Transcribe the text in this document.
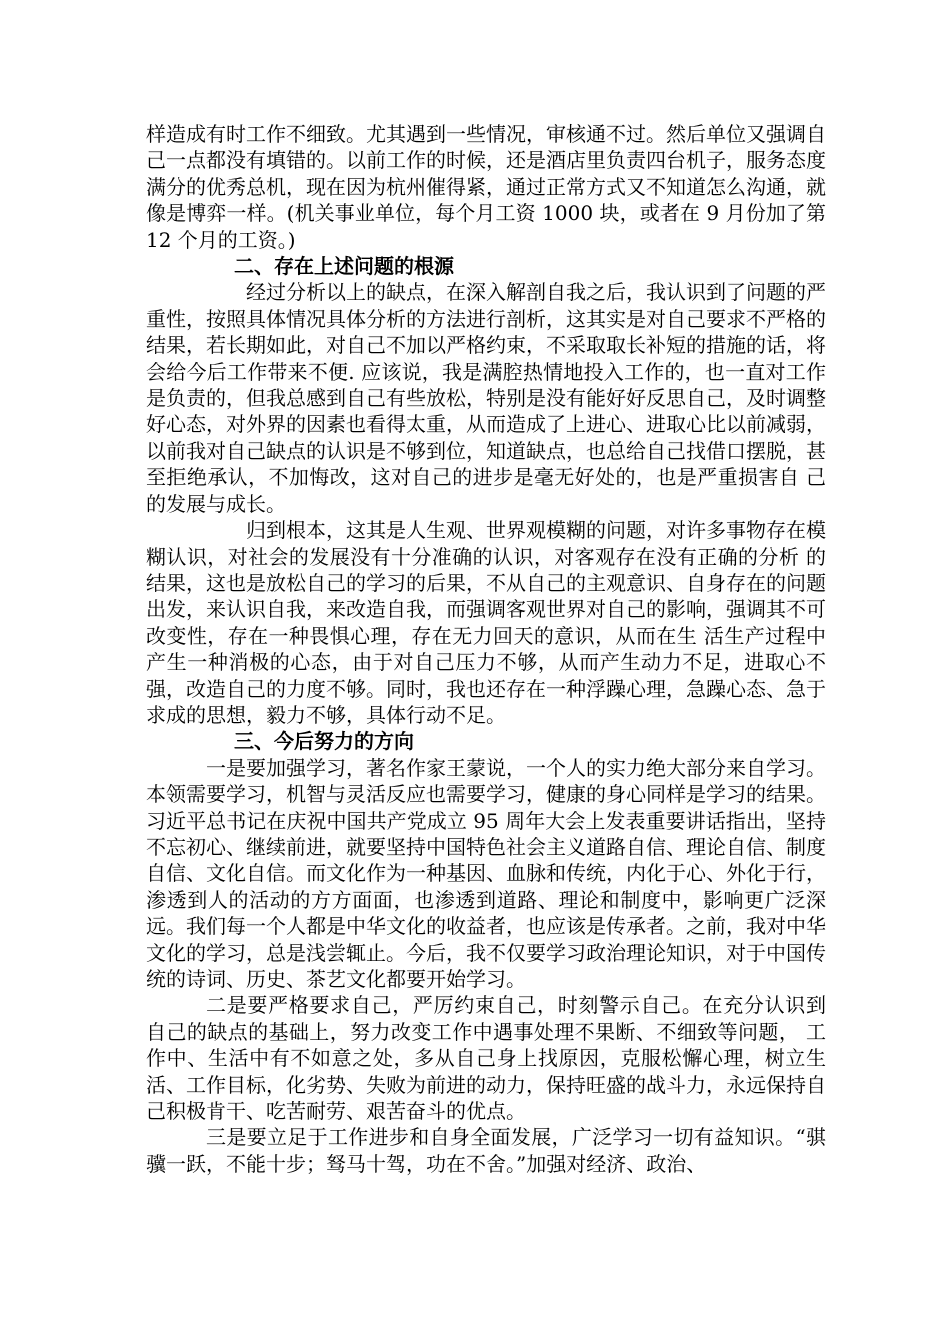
样造成有时工作不细致。尤其遇到一些情况，审核通不过。然后单位又强调自己一点都没有填错的。以前工作的时候，还是酒店里负责四台机子，服务态度满分的优秀总机，现在因为杭州催得紧，通过正常方式又不知道怎么沟通，就像是博弈一样。(机关事业单位，每个月工资 1000 块，或者在 9 月份加了第 12 个月的工资。)

二、存在上述问题的根源

经过分析以上的缺点，在深入解剖自我之后，我认识到了问题的严重性，按照具体情况具体分析的方法进行剖析，这其实是对自己要求不严格的结果，若长期如此，对自己不加以严格约束，不采取取长补短的措施的话，将会给今后工作带来不便. 应该说，我是满腔热情地投入工作的，也一直对工作是负责的，但我总感到自己有些放松，特别是没有能好好反思自己，及时调整好心态，对外界的因素也看得太重，从而造成了上进心、进取心比以前减弱，以前我对自己缺点的认识是不够到位，知道缺点，也总给自己找借口摆脱，甚 至拒绝承认，不加悔改，这对自己的进步是毫无好处的，也是严重损害自 己的发展与成长。

归到根本，这其是人生观、世界观模糊的问题，对许多事物存在模 糊认识，对社会的发展没有十分准确的认识，对客观存在没有正确的分析 的结果，这也是放松自己的学习的后果，不从自己的主观意识、自身存在的问题出发，来认识自我，来改造自我，而强调客观世界对自己的影响，强调其不可改变性，存在一种畏惧心理，存在无力回天的意识，从而在生 活生产过程中产生一种消极的心态，由于对自己压力不够，从而产生动力不足，进取心不强，改造自己的力度不够。同时，我也还存在一种浮躁心理，急躁心态、急于求成的思想，毅力不够，具体行动不足。

三、今后努力的方向

一是要加强学习，著名作家王蒙说，一个人的实力绝大部分来自学习。本领需要学习，机智与灵活反应也需要学习，健康的身心同样是学习的结果。 习近平总书记在庆祝中国共产党成立 95 周年大会上发表重要讲话指出，坚持不忘初心、继续前进，就要坚持中国特色社会主义道路自信、理论自信、制度自信、文化自信。而文化作为一种基因、血脉和传统，内化于心、外化于行，渗透到人的活动的方方面面，也渗透到道路、理论和制度中，影响更广泛深远。我们每一个人都是中华文化的收益者，也应该是传承者。之前，我对中华文化的学习，总是浅尝辄止。今后，我不仅要学习政治理论知识，对于中国传统的诗词、历史、茶艺文化都要开始学习。

二是要严格要求自己，严厉约束自己，时刻警示自己。在充分认识到 自己的缺点的基础上，努力改变工作中遇事处理不果断、不细致等问题， 工作中、生活中有不如意之处，多从自己身上找原因，克服松懈心理，树立生活、工作目标，化劣势、失败为前进的动力，保持旺盛的战斗力，永远保持自己积极肯干、吃苦耐劳、艰苦奋斗的优点。

三是要立足于工作进步和自身全面发展，广泛学习一切有益知识。“骐骥一跃，不能十步；驽马十驾，功在不舍。”加强对经济、政治、
